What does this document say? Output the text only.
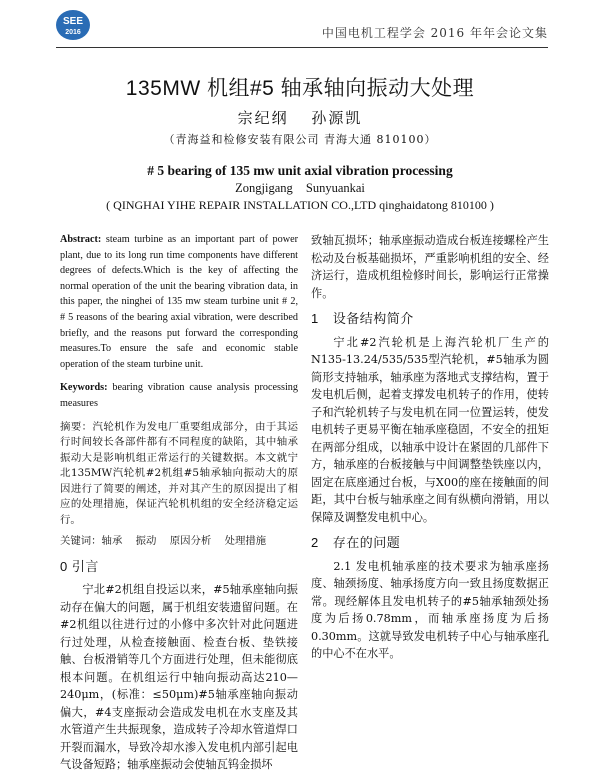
SEE
2016	中国电机工程学会 2016 年年会论文集
135MW 机组#5 轴承轴向振动大处理
宗纪纲 孙源凯
（青海益和检修安装有限公司 青海大通 810100）
# 5 bearing of 135 mw unit axial vibration processing
Zongjigang Sunyuankai
( QINGHAI YIHE REPAIR INSTALLATION CO.,LTD qinghaidatong 810100 )

Abstract: steam turbine as an important part of power plant, due to its long run time components have different degrees of defects.Which is the key of affecting the normal operation of the unit the bearing vibration data, in this paper, the ninghei of 135 mw steam turbine unit # 2, # 5 reasons of the bearing axial vibration, were described briefly, and the reasons put forward the corresponding measures.To ensure the safe and economic stable operation of the steam turbine unit.

Keywords: bearing vibration cause analysis processing measures

摘要：汽轮机作为发电厂重要组成部分，由于其运行时间较长各部件都有不同程度的缺陷，其中轴承振动大是影响机组正常运行的关键数据。本文就宁北135MW汽轮机#2机组#5轴承轴向振动大的原因进行了简要的阐述，并对其产生的原因提出了相应的处理措施，保证汽轮机机组的安全经济稳定运行。

关键词：轴承 振动 原因分析 处理措施

0 引言

宁北#2机组自投运以来，#5轴承座轴向振动存在偏大的问题，属于机组安装遗留问题。在#2机组以往进行过的小修中多次针对此问题进行过处理，从检查接触面、检查台板、垫铁接触、台板滑销等几个方面进行处理，但未能彻底根本问题。在机组运行中轴向振动高达210—240μm，(标准：≤50μm)#5轴承座轴向振动偏大，#4支座振动会造成发电机在水支座及其水管道产生共振现象，造成转子冷却水管道焊口开裂而漏水，导致冷却水渗入发电机内部引起电气设备短路；轴承座振动会使轴瓦钨金损坏

致轴瓦损坏；轴承座振动造成台板连接螺栓产生松动及台板基础损坏，严重影响机组的安全、经济运行，造成机组检修时间长，影响运行正常操作。

1 设备结构简介

宁北#2汽轮机是上海汽轮机厂生产的N135-13.24/535/535型汽轮机，#5轴承为圆筒形支持轴承，轴承座为落地式支撑结构，置于发电机后侧，起着支撑发电机转子的作用，使转子和汽轮机转子与发电机在同一位置运转，使发电机转子更易平衡在轴承座稳固，不安全的扭矩在两部分组成，以轴承中设计在紧固的几部件下方，轴承座的台板接触与中间调整垫铁座以内，固定在底座通过台板，与X00的座在接触面的间距，其中台板与轴承座之间有纵横向滑销，用以保障及调整发电机中心。

2 存在的问题

2.1 发电机轴承座的技术要求为轴承座扬度、轴颈扬度、轴承扬度方向一致且扬度数据正常。现经解体且发电机转子的#5轴承轴颈处扬度为后扬0.78mm，而轴承座扬度为后扬0.30mm。这就导致发电机转子中心与轴承座孔的中心不在水平。
